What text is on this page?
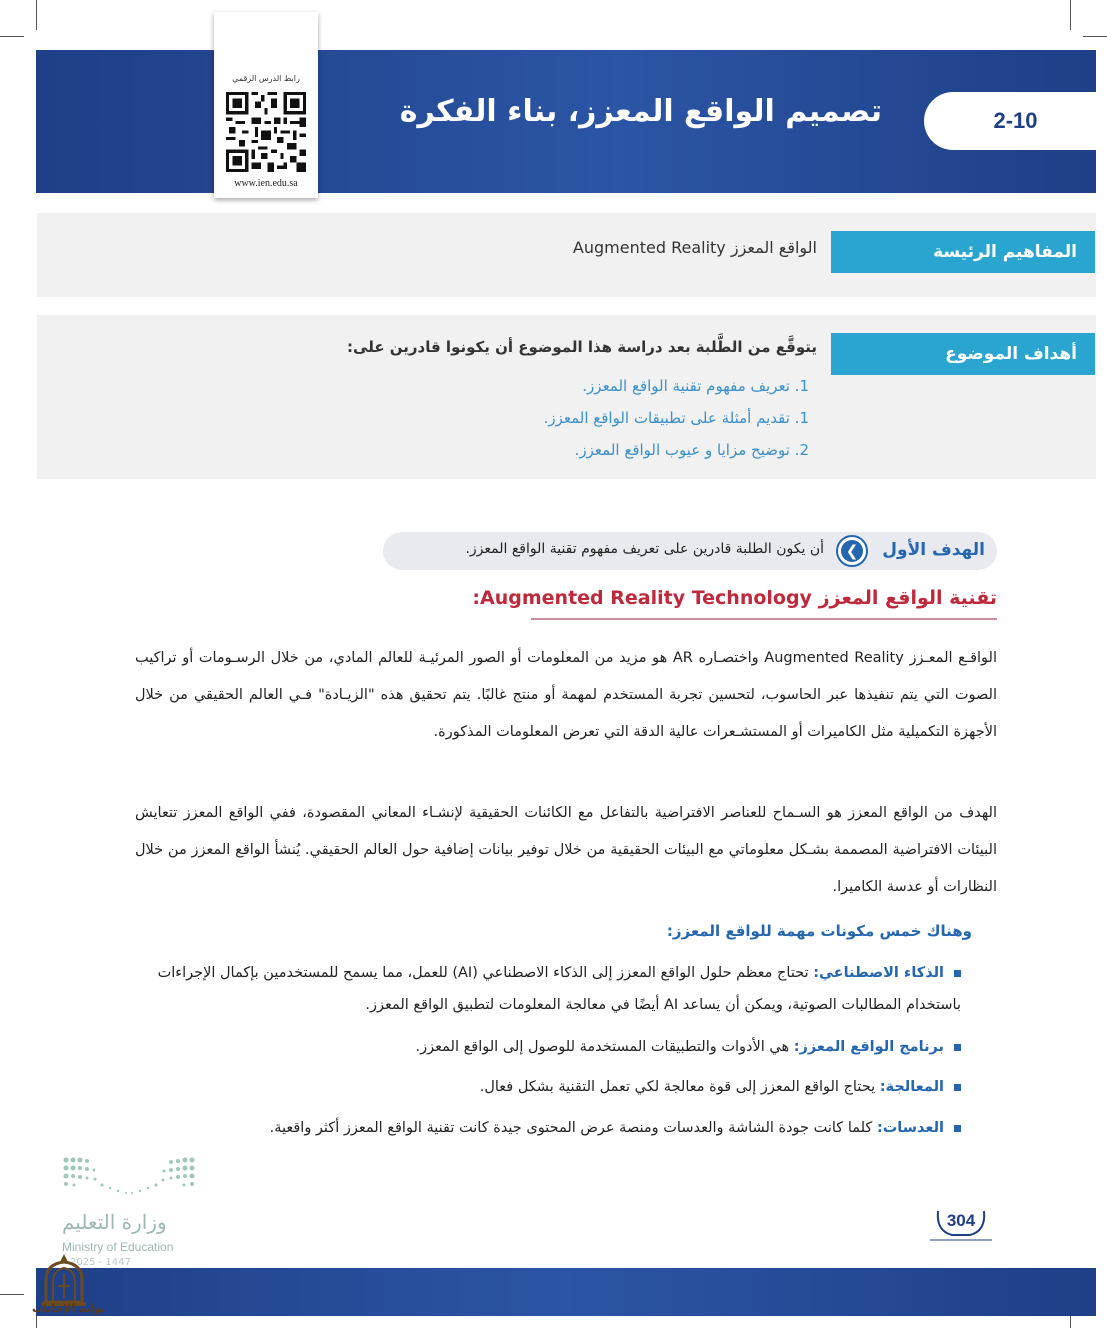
2-10
تصميم الواقع المعزز، بناء الفكرة
رابط الدرس الرقمي
www.ien.edu.sa
المفاهيم الرئيسة
الواقع المعزز Augmented Reality
أهداف الموضوع
يتوقَّع من الطَّلبة بعد دراسة هذا الموضوع أن يكونوا قادرين على:
1. تعريف مفهوم تقنية الواقع المعزز.
1. تقديم أمثلة على تطبيقات الواقع المعزز.
2. توضيح مزايا و عيوب الواقع المعزز.
الهدف الأول
❮
أن يكون الطلبة قادرين على تعريف مفهوم تقنية الواقع المعزز.
تقنية الواقع المعزز Augmented Reality Technology:
الواقـع المعـزز Augmented Reality واختصـاره AR هو مزيد من المعلومات أو الصور المرئيـة للعالم المادي، من خلال الرسـومات أو تراكيب الصوت التي يتم تنفيذها عبر الحاسوب، لتحسين تجربة المستخدم لمهمة أو منتج غالبًا. يتم تحقيق هذه "الزيـادة" فـي العالم الحقيقي من خلال الأجهزة التكميلية مثل الكاميرات أو المستشـعرات عالية الدقة التي تعرض المعلومات المذكورة.
الهدف من الواقع المعزز هو السـماح للعناصر الافتراضية بالتفاعل مع الكائنات الحقيقية لإنشـاء المعاني المقصودة، ففي الواقع المعزز تتعايش البيئات الافتراضية المصممة بشـكل معلوماتي مع البيئات الحقيقية من خلال توفير بيانات إضافية حول العالم الحقيقي. يُنشأ الواقع المعزز من خلال النظارات أو عدسة الكاميرا.
وهناك خمس مكونات مهمة للواقع المعزز:
الذكاء الاصطناعي: تحتاج معظم حلول الواقع المعزز إلى الذكاء الاصطناعي (AI) للعمل، مما يسمح للمستخدمين بإكمال الإجراءات باستخدام المطالبات الصوتية، ويمكن أن يساعد AI أيضًا في معالجة المعلومات لتطبيق الواقع المعزز.
برنامج الواقع المعزز: هي الأدوات والتطبيقات المستخدمة للوصول إلى الواقع المعزز.
المعالجة: يحتاج الواقع المعزز إلى قوة معالجة لكي تعمل التقنية بشكل فعال.
العدسات: كلما كانت جودة الشاشة والعدسات ومنصة عرض المحتوى جيدة كانت تقنية الواقع المعزز أكثر واقعية.
وزارة التعليم
Ministry of Education
2025 - 1447
304
بوابة الإجابات
